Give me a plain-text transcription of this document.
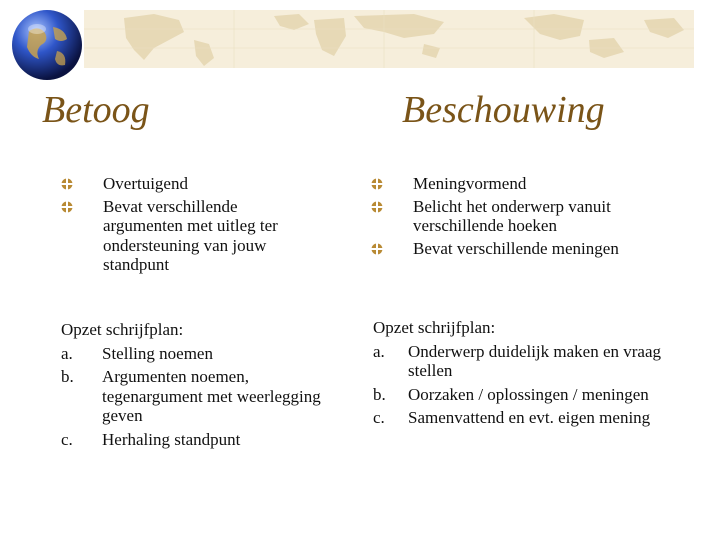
Betoog	Beschouwing
Overtuigend
Bevat verschillende argumenten met uitleg ter ondersteuning van jouw standpunt
Meningvormend
Belicht het onderwerp vanuit verschillende hoeken
Bevat verschillende meningen
Opzet schrijfplan:
a. Stelling noemen
b. Argumenten noemen, tegenargument met weerlegging geven
c. Herhaling standpunt
Opzet schrijfplan:
a. Onderwerp duidelijk maken en vraag stellen
b. Oorzaken / oplossingen / meningen
c. Samenvattend en evt. eigen mening
